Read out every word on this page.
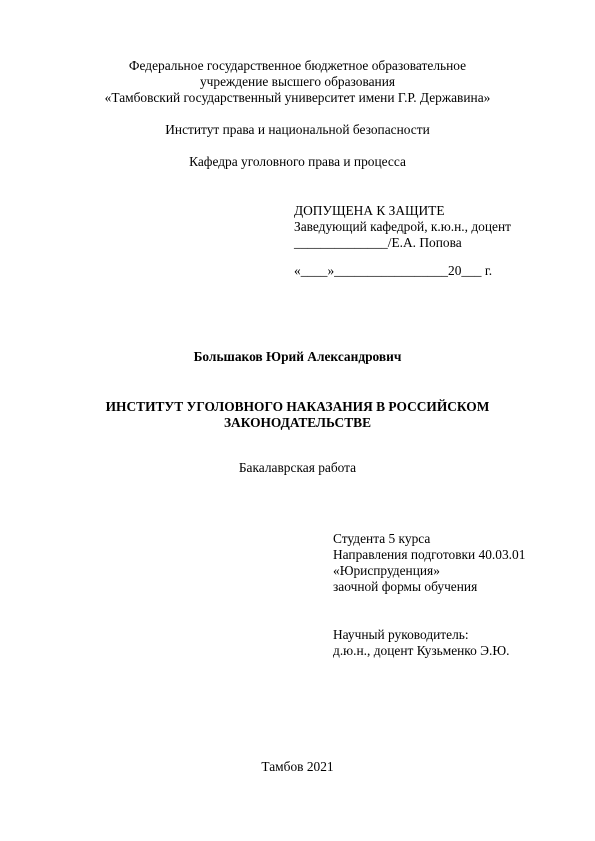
Федеральное государственное бюджетное образовательное
учреждение высшего образования
«Тамбовский государственный университет имени Г.Р. Державина»
Институт права и национальной безопасности
Кафедра уголовного права и процесса
ДОПУЩЕНА К ЗАЩИТЕ
Заведующий кафедрой, к.ю.н., доцент
______________/Е.А. Попова
«____»_________________20___ г.
Большаков Юрий Александрович
ИНСТИТУТ УГОЛОВНОГО НАКАЗАНИЯ В РОССИЙСКОМ
ЗАКОНОДАТЕЛЬСТВЕ
Бакалаврская работа
Студента 5 курса
Направления подготовки 40.03.01
«Юриспруденция»
заочной формы обучения
Научный руководитель:
д.ю.н., доцент Кузьменко Э.Ю.
Тамбов 2021
